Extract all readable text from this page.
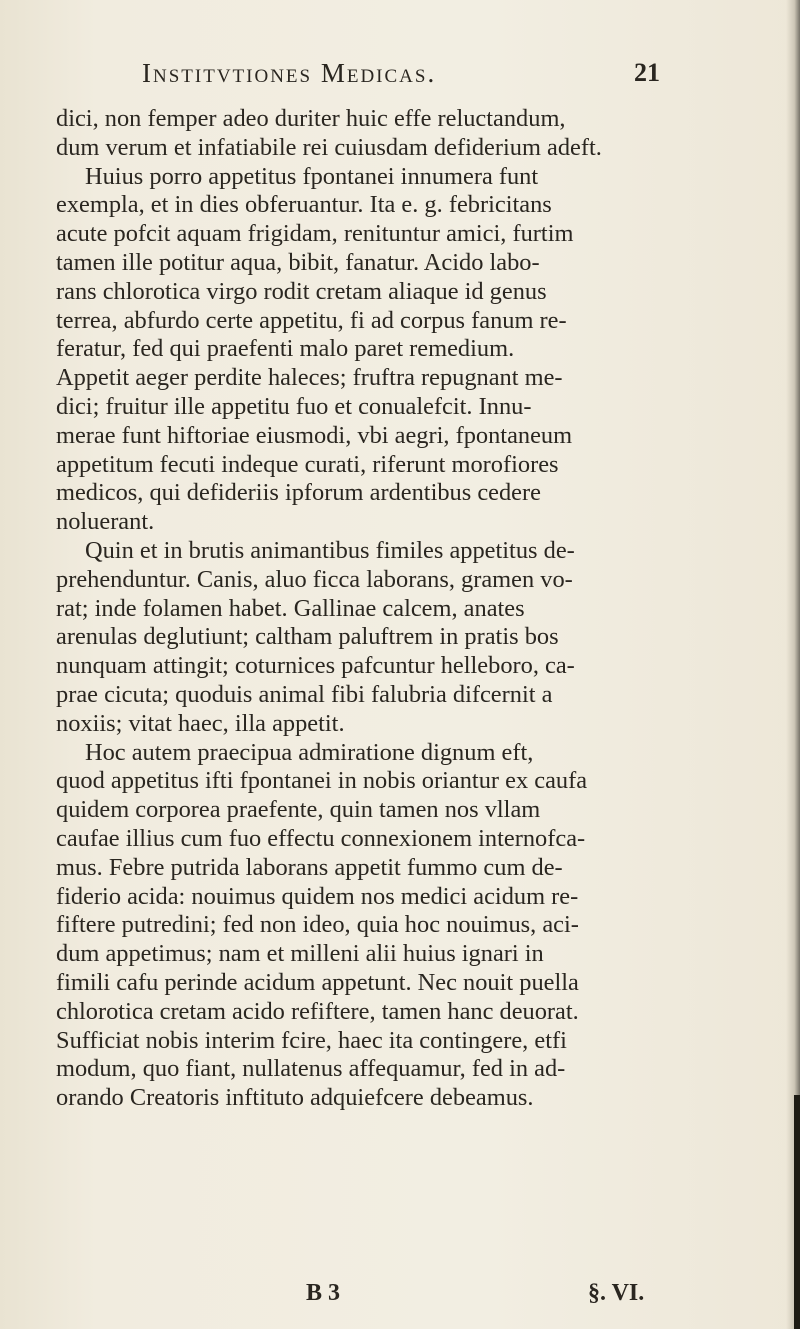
Institvtiones Medicas.	21
dici, non femper adeo duriter huic effe reluctandum,
dum verum et infatiabile rei cuiusdam defiderium adeft.
Huius porro appetitus fpontanei innumera funt
exempla, et in dies obferuantur. Ita e. g. febricitans
acute pofcit aquam frigidam, renituntur amici, furtim
tamen ille potitur aqua, bibit, fanatur. Acido labo-
rans chlorotica virgo rodit cretam aliaque id genus
terrea, abfurdo certe appetitu, fi ad corpus fanum re-
feratur, fed qui praefenti malo paret remedium.
Appetit aeger perdite haleces; fruftra repugnant me-
dici; fruitur ille appetitu fuo et conualefcit. Innu-
merae funt hiftoriae eiusmodi, vbi aegri, fpontaneum
appetitum fecuti indeque curati, riferunt morofiores
medicos, qui defideriis ipforum ardentibus cedere
noluerant.
Quin et in brutis animantibus fimiles appetitus de-
prehenduntur. Canis, aluo ficca laborans, gramen vo-
rat; inde folamen habet. Gallinae calcem, anates
arenulas deglutiunt; caltham paluftrem in pratis bos
nunquam attingit; coturnices pafcuntur helleboro, ca-
prae cicuta; quoduis animal fibi falubria difcernit a
noxiis; vitat haec, illa appetit.
Hoc autem praecipua admiratione dignum eft,
quod appetitus ifti fpontanei in nobis oriantur ex caufa
quidem corporea praefente, quin tamen nos vllam
caufae illius cum fuo effectu connexionem internofca-
mus. Febre putrida laborans appetit fummo cum de-
fiderio acida: nouimus quidem nos medici acidum re-
fiftere putredini; fed non ideo, quia hoc nouimus, aci-
dum appetimus; nam et milleni alii huius ignari in
fimili cafu perinde acidum appetunt. Nec nouit puella
chlorotica cretam acido refiftere, tamen hanc deuorat.
Sufficiat nobis interim fcire, haec ita contingere, etfi
modum, quo fiant, nullatenus affequamur, fed in ad-
orando Creatoris inftituto adquiefcere debeamus.
B 3	§. VI.
